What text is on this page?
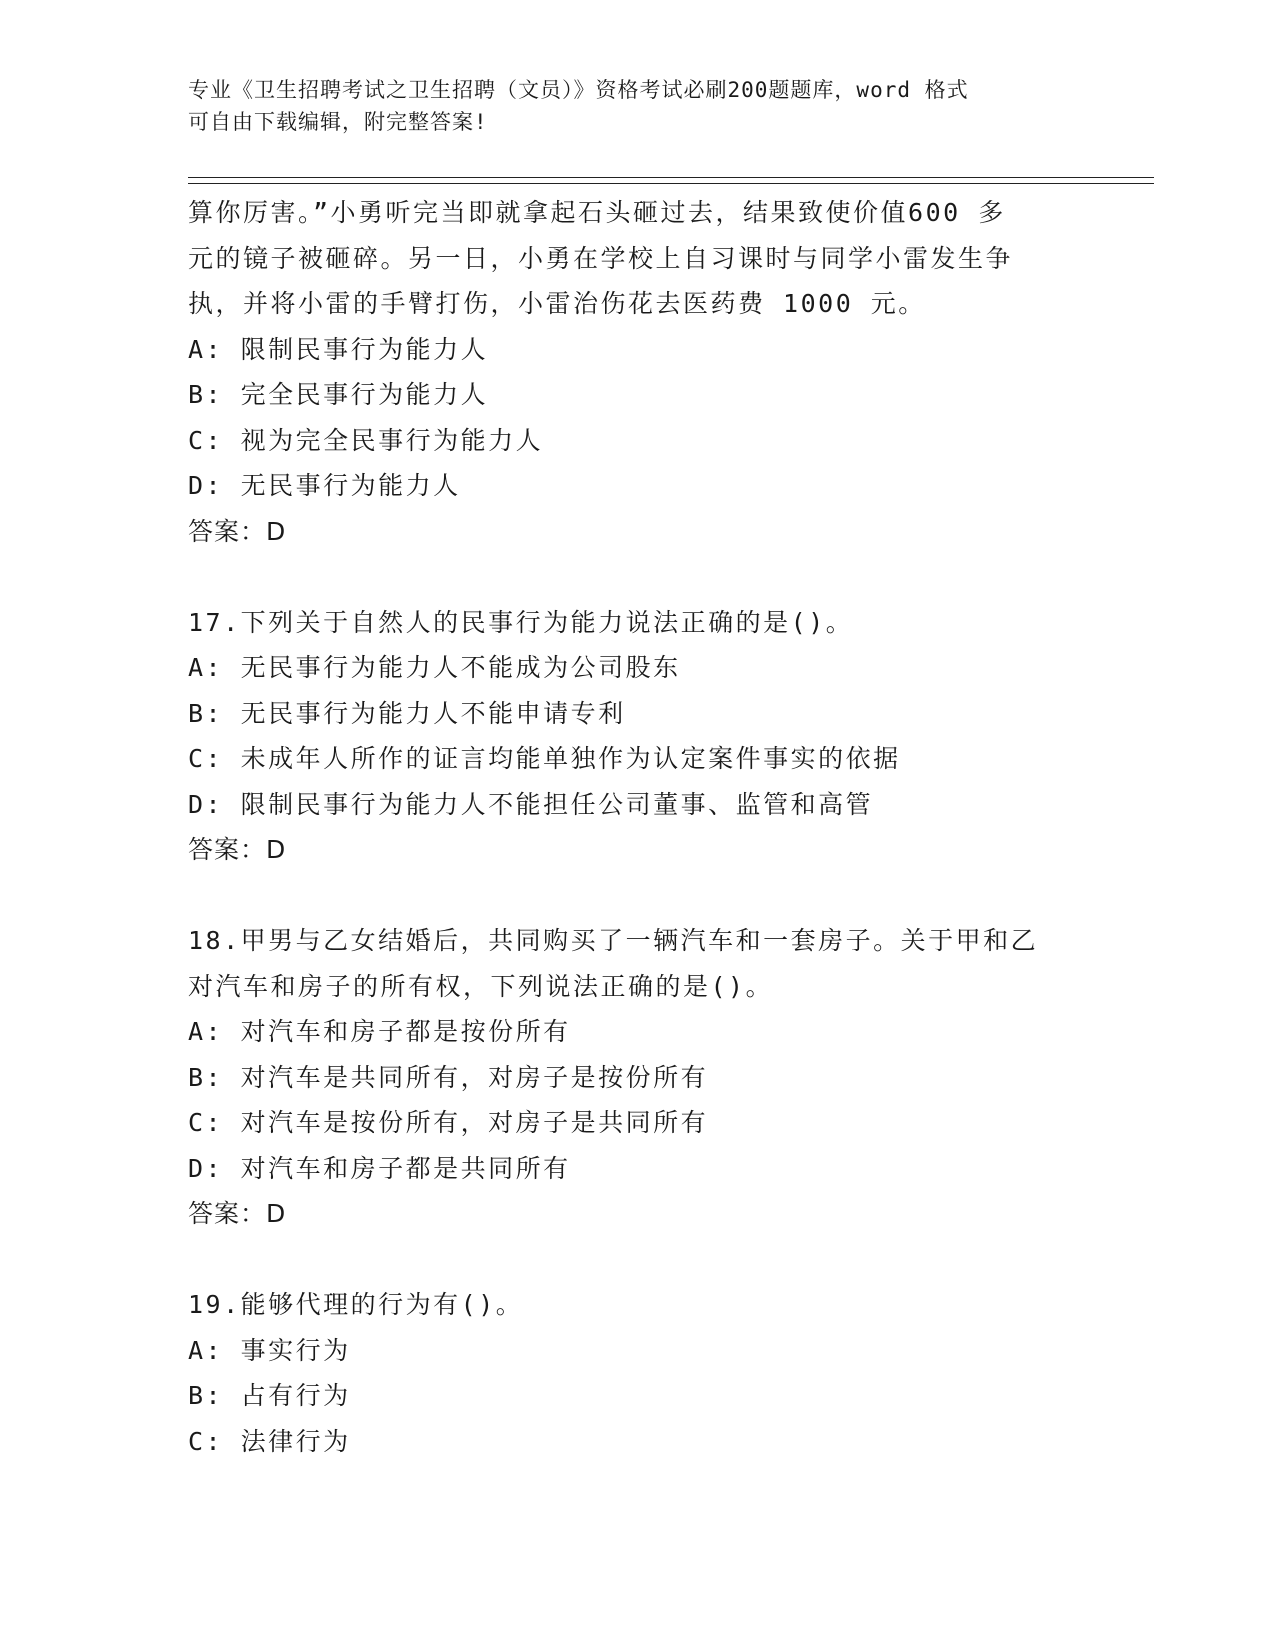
专业《卫生招聘考试之卫生招聘（文员）》资格考试必刷200题题库，word 格式
可自由下载编辑，附完整答案!
算你厉害。”小勇听完当即就拿起石头砸过去，结果致使价值600 多
元的镜子被砸碎。另一日，小勇在学校上自习课时与同学小雷发生争
执，并将小雷的手臂打伤，小雷治伤花去医药费 1000 元。
A: 限制民事行为能力人
B: 完全民事行为能力人
C: 视为完全民事行为能力人
D: 无民事行为能力人
答案：D
17.下列关于自然人的民事行为能力说法正确的是()。
A: 无民事行为能力人不能成为公司股东
B: 无民事行为能力人不能申请专利
C: 未成年人所作的证言均能单独作为认定案件事实的依据
D: 限制民事行为能力人不能担任公司董事、监管和高管
答案：D
18.甲男与乙女结婚后，共同购买了一辆汽车和一套房子。关于甲和乙
对汽车和房子的所有权，下列说法正确的是()。
A: 对汽车和房子都是按份所有
B: 对汽车是共同所有，对房子是按份所有
C: 对汽车是按份所有，对房子是共同所有
D: 对汽车和房子都是共同所有
答案：D
19.能够代理的行为有()。
A: 事实行为
B: 占有行为
C: 法律行为
